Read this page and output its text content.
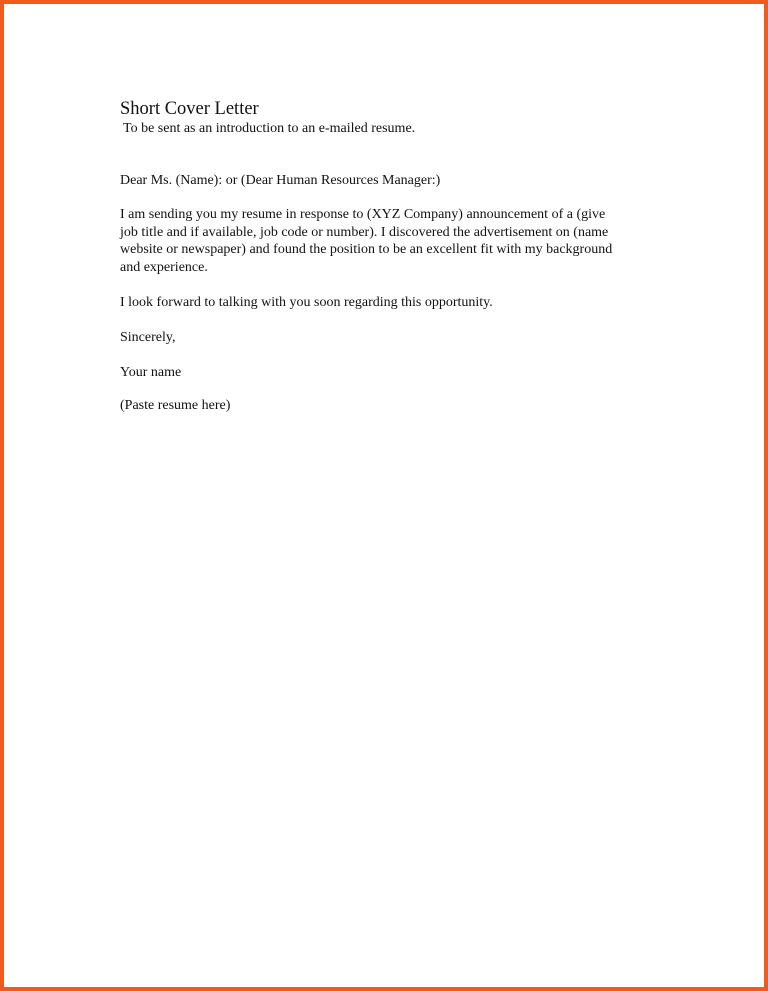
Short Cover Letter

To be sent as an introduction to an e-mailed resume.

Dear Ms. (Name): or (Dear Human Resources Manager:)

I am sending you my resume in response to (XYZ Company) announcement of a (give
job title and if available, job code or number). I discovered the advertisement on (name
website or newspaper) and found the position to be an excellent fit with my background
and experience.

I look forward to talking with you soon regarding this opportunity.

Sincerely,

Your name

(Paste resume here)
